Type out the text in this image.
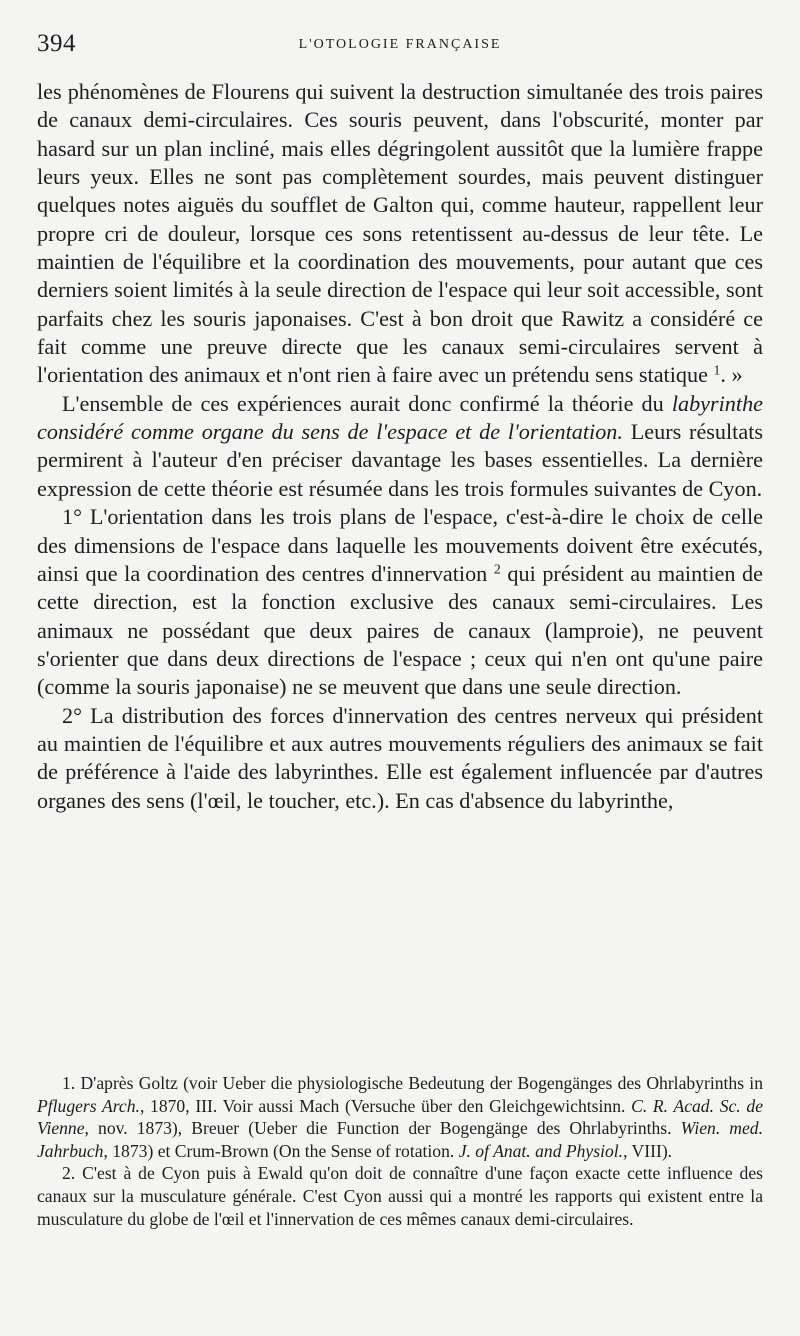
394	L'OTOLOGIE FRANÇAISE

les phénomènes de Flourens qui suivent la destruction simultanée des trois paires de canaux demi-circulaires. Ces souris peuvent, dans l'obscurité, monter par hasard sur un plan incliné, mais elles dégringolent aussitôt que la lumière frappe leurs yeux. Elles ne sont pas complètement sourdes, mais peuvent distinguer quelques notes aiguës du soufflet de Galton qui, comme hauteur, rappellent leur propre cri de douleur, lorsque ces sons retentissent au-dessus de leur tête. Le maintien de l'équilibre et la coordination des mouvements, pour autant que ces derniers soient limités à la seule direction de l'espace qui leur soit accessible, sont parfaits chez les souris japonaises. C'est à bon droit que Rawitz a considéré ce fait comme une preuve directe que les canaux semi-circulaires servent à l'orientation des animaux et n'ont rien à faire avec un prétendu sens statique $^1$. »

L'ensemble de ces expériences aurait donc confirmé la théorie du labyrinthe considéré comme organe du sens de l'espace et de l'orientation. Leurs résultats permirent à l'auteur d'en préciser davantage les bases essentielles. La dernière expression de cette théorie est résumée dans les trois formules suivantes de Cyon.

1° L'orientation dans les trois plans de l'espace, c'est-à-dire le choix de celle des dimensions de l'espace dans laquelle les mouvements doivent être exécutés, ainsi que la coordination des centres d'innervation $^2$ qui président au maintien de cette direction, est la fonction exclusive des canaux semi-circulaires. Les animaux ne possédant que deux paires de canaux (lamproie), ne peuvent s'orienter que dans deux directions de l'espace ; ceux qui n'en ont qu'une paire (comme la souris japonaise) ne se meuvent que dans une seule direction.

2° La distribution des forces d'innervation des centres nerveux qui président au maintien de l'équilibre et aux autres mouvements réguliers des animaux se fait de préférence à l'aide des labyrinthes. Elle est également influencée par d'autres organes des sens (l'œil, le toucher, etc.). En cas d'absence du labyrinthe,

1. D'après Goltz (voir Ueber die physiologische Bedeutung der Bogengänges des Ohrlabyrinths in Pflugers Arch., 1870, III. Voir aussi Mach (Versuche über den Gleichgewichtsinn. C. R. Acad. Sc. de Vienne, nov. 1873), Breuer (Ueber die Function der Bogengänge des Ohrlabyrinths. Wien. med. Jahrbuch, 1873) et Crum-Brown (On the Sense of rotation. J. of Anat. and Physiol., VIII).

2. C'est à de Cyon puis à Ewald qu'on doit de connaître d'une façon exacte cette influence des canaux sur la musculature générale. C'est Cyon aussi qui a montré les rapports qui existent entre la musculature du globe de l'œil et l'innervation de ces mêmes canaux demi-circulaires.
